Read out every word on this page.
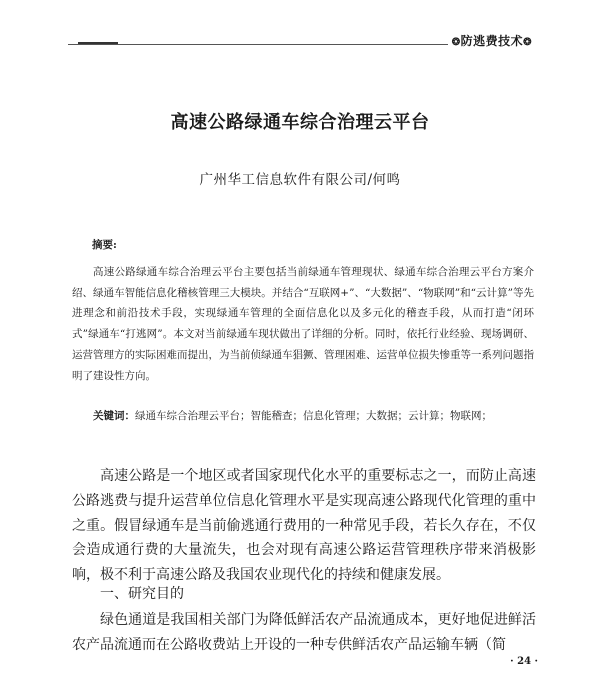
❂防逃费技术❂
高速公路绿通车综合治理云平台
广州华工信息软件有限公司/何鸣
摘要:
高速公路绿通车综合治理云平台主要包括当前绿通车管理现状、绿通车综合治理云平台方案介绍、绿通车智能信息化稽核管理三大模块。并结合“互联网+”、“大数据”、“物联网”和“云计算”等先进理念和前沿技术手段，实现绿通车管理的全面信息化以及多元化的稽查手段，从而打造“闭环式”绿通车“打逃网”。本文对当前绿通车现状做出了详细的分析。同时，依托行业经验、现场调研、运营管理方的实际困难而提出，为当前侦绿通车猖獗、管理困难、运营单位损失惨重等一系列问题指明了建设性方向。
关键词：绿通车综合治理云平台；智能稽查；信息化管理；大数据；云计算；物联网；
高速公路是一个地区或者国家现代化水平的重要标志之一，而防止高速公路逃费与提升运营单位信息化管理水平是实现高速公路现代化管理的重中之重。假冒绿通车是当前偷逃通行费用的一种常见手段，若长久存在，不仅会造成通行费的大量流失，也会对现有高速公路运营管理秩序带来消极影响，极不利于高速公路及我国农业现代化的持续和健康发展。
一、研究目的
绿色通道是我国相关部门为降低鲜活农产品流通成本，更好地促进鲜活农产品流通而在公路收费站上开设的一种专供鲜活农产品运输车辆（简
· 24 ·
